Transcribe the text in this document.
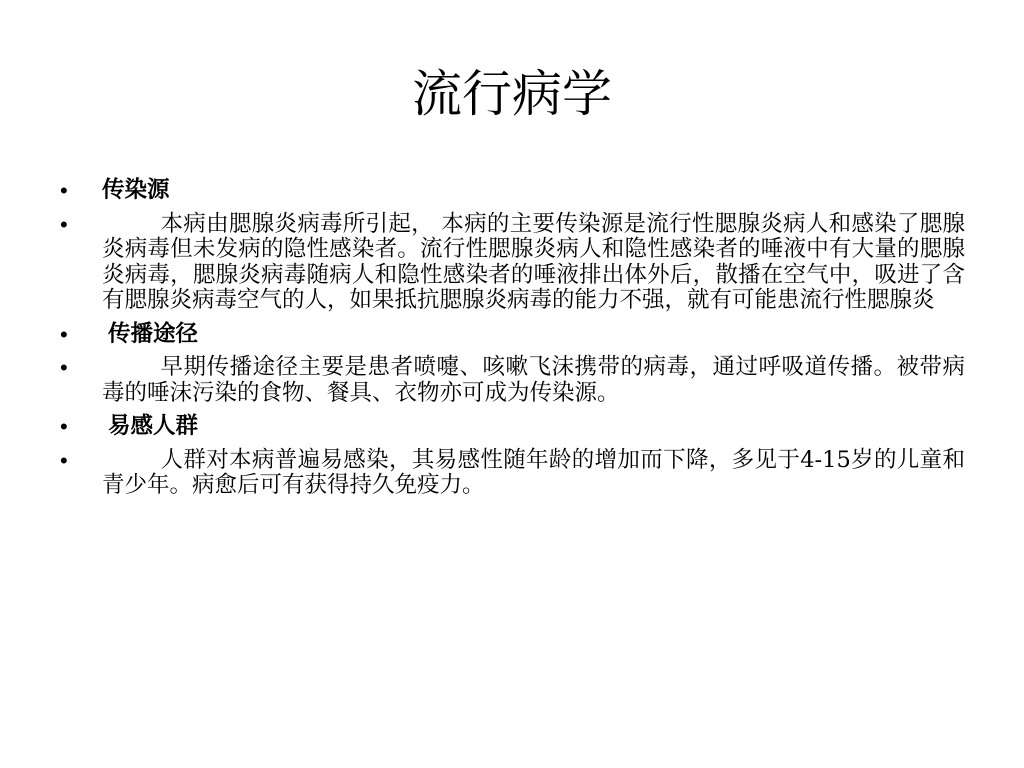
流行病学
•	传染源
•	本病由腮腺炎病毒所引起， 本病的主要传染源是流行性腮腺炎病人和感染了腮腺炎病毒但未发病的隐性感染者。流行性腮腺炎病人和隐性感染者的唾液中有大量的腮腺炎病毒，腮腺炎病毒随病人和隐性感染者的唾液排出体外后，散播在空气中，吸进了含有腮腺炎病毒空气的人，如果抵抗腮腺炎病毒的能力不强，就有可能患流行性腮腺炎
•	传播途径
•	早期传播途径主要是患者喷嚏、咳嗽飞沫携带的病毒，通过呼吸道传播。被带病毒的唾沫污染的食物、餐具、衣物亦可成为传染源。
•	易感人群
•	人群对本病普遍易感染，其易感性随年龄的增加而下降，多见于4-15岁的儿童和青少年。病愈后可有获得持久免疫力。
